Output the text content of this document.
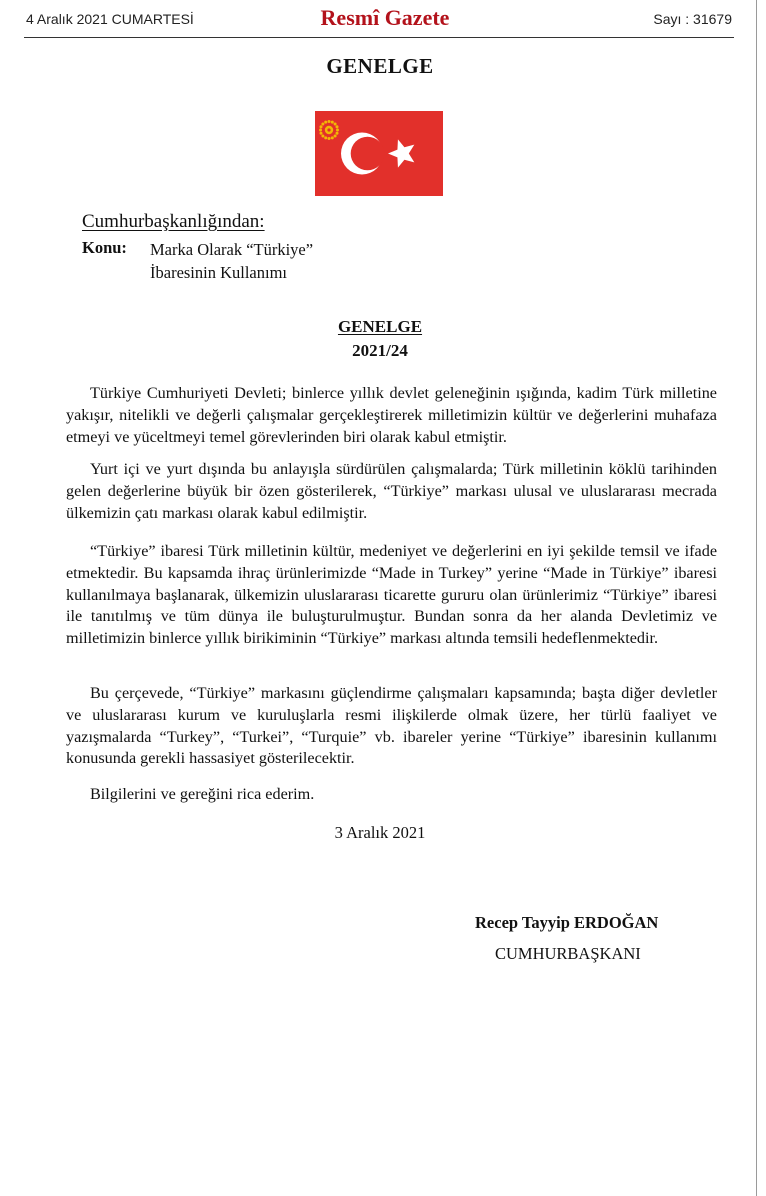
4 Aralık 2021 CUMARTESİ	Resmî Gazete	Sayı : 31679
GENELGE
Cumhurbaşkanlığından:
Konu: Marka Olarak “Türkiye”
İbaresinin Kullanımı
GENELGE
2021/24

Türkiye Cumhuriyeti Devleti; binlerce yıllık devlet geleneğinin ışığında, kadim Türk milletine yakışır, nitelikli ve değerli çalışmalar gerçekleştirerek milletimizin kültür ve değerlerini muhafaza etmeyi ve yüceltmeyi temel görevlerinden biri olarak kabul etmiştir.

Yurt içi ve yurt dışında bu anlayışla sürdürülen çalışmalarda; Türk milletinin köklü tarihinden gelen değerlerine büyük bir özen gösterilerek, “Türkiye” markası ulusal ve uluslararası mecrada ülkemizin çatı markası olarak kabul edilmiştir.

“Türkiye” ibaresi Türk milletinin kültür, medeniyet ve değerlerini en iyi şekilde temsil ve ifade etmektedir. Bu kapsamda ihraç ürünlerimizde “Made in Turkey” yerine “Made in Türkiye” ibaresi kullanılmaya başlanarak, ülkemizin uluslararası ticarette gururu olan ürünlerimiz “Türkiye” ibaresi ile tanıtılmış ve tüm dünya ile buluşturulmuştur. Bundan sonra da her alanda Devletimiz ve milletimizin binlerce yıllık birikiminin “Türkiye” markası altında temsili hedeflenmektedir.

Bu çerçevede, “Türkiye” markasını güçlendirme çalışmaları kapsamında; başta diğer devletler ve uluslararası kurum ve kuruluşlarla resmi ilişkilerde olmak üzere, her türlü faaliyet ve yazışmalarda “Turkey”, “Turkei”, “Turquie” vb. ibareler yerine “Türkiye” ibaresinin kullanımı konusunda gerekli hassasiyet gösterilecektir.

Bilgilerini ve gereğini rica ederim.
3 Aralık 2021
Recep Tayyip ERDOĞAN
CUMHURBAŞKANI
